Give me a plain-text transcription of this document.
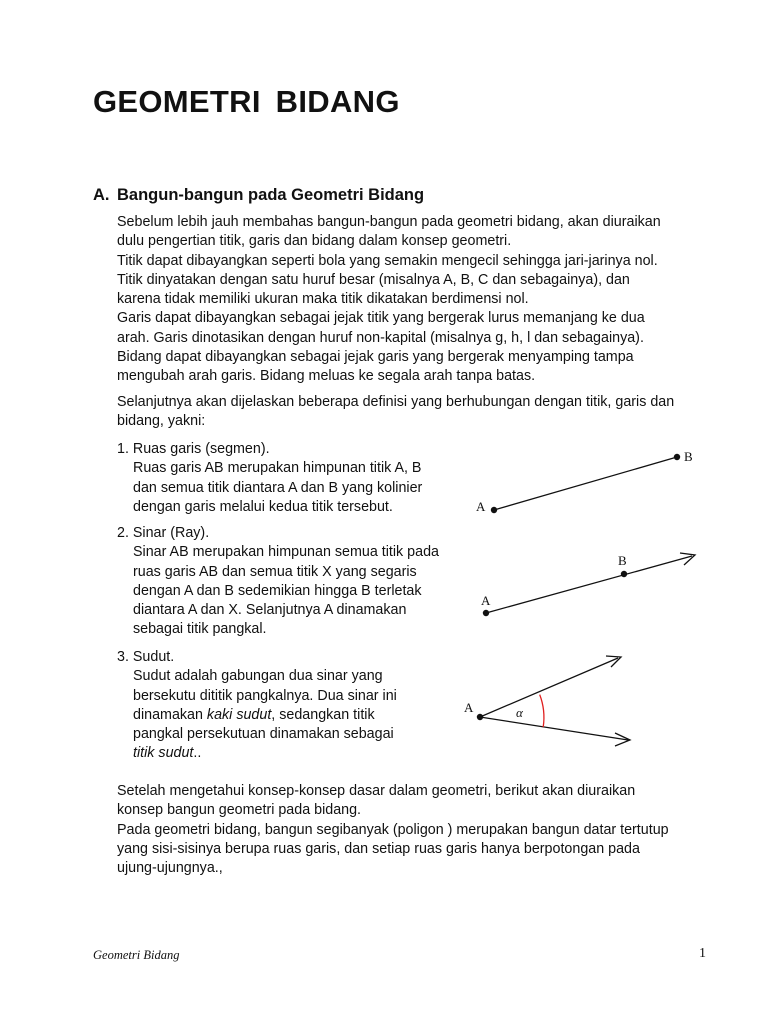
GEOMETRI BIDANG
A. Bangun-bangun pada Geometri Bidang
Sebelum lebih jauh membahas bangun-bangun pada geometri bidang, akan diuraikan
dulu pengertian titik, garis dan bidang dalam konsep geometri.
Titik dapat dibayangkan seperti bola yang semakin mengecil sehingga jari-jarinya nol.
Titik dinyatakan dengan satu huruf besar (misalnya A, B, C dan sebagainya), dan
karena tidak memiliki ukuran maka titik dikatakan berdimensi nol.
Garis dapat dibayangkan sebagai jejak titik yang bergerak lurus memanjang ke dua
arah. Garis dinotasikan dengan huruf non-kapital (misalnya g, h, l dan sebagainya).
Bidang dapat dibayangkan sebagai jejak garis yang bergerak menyamping tampa
mengubah arah garis. Bidang meluas ke segala arah tanpa batas.
Selanjutnya akan dijelaskan beberapa definisi yang berhubungan dengan titik, garis dan
bidang, yakni:
1. Ruas garis (segmen).
Ruas garis AB merupakan himpunan titik A, B
dan semua titik diantara A dan B yang kolinier
dengan garis melalui kedua titik tersebut.
2. Sinar (Ray).
Sinar AB merupakan himpunan semua titik pada
ruas garis AB dan semua titik X yang segaris
dengan A dan B sedemikian hingga B terletak
diantara A dan X. Selanjutnya A dinamakan
sebagai titik pangkal.
3. Sudut.
Sudut adalah gabungan dua sinar yang
bersekutu dititik pangkalnya. Dua sinar ini
dinamakan kaki sudut, sedangkan titik
pangkal persekutuan dinamakan sebagai
titik sudut..
A
B
A
B
A	α
Setelah mengetahui konsep-konsep dasar dalam geometri, berikut akan diuraikan
konsep bangun geometri pada bidang.
Pada geometri bidang, bangun segibanyak (poligon ) merupakan bangun datar tertutup
yang sisi-sisinya berupa ruas garis, dan setiap ruas garis hanya berpotongan pada
ujung-ujungnya.,
Geometri Bidang	1
